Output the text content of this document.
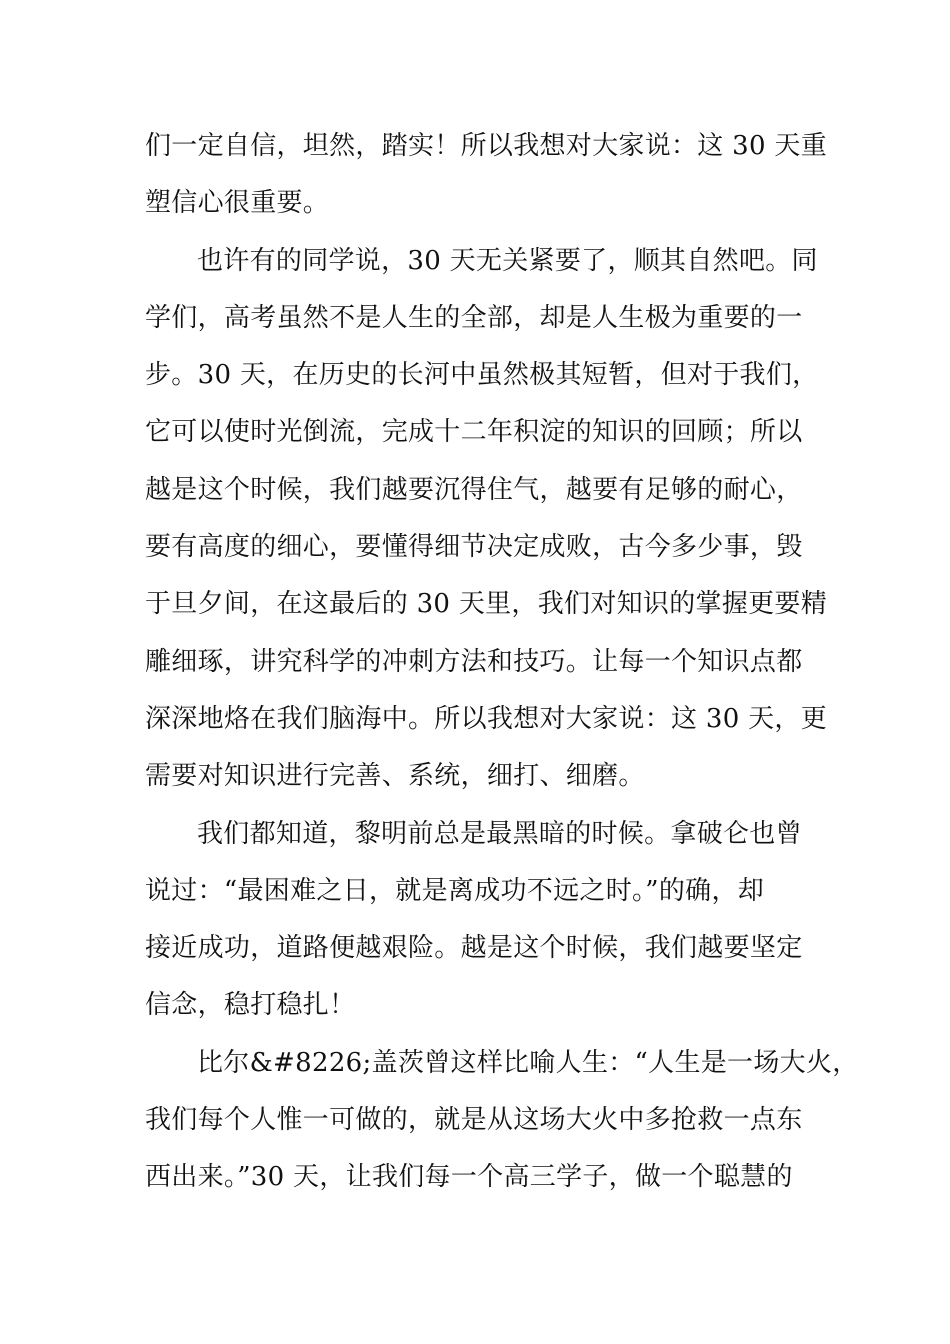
们一定自信，坦然，踏实！所以我想对大家说：这 30 天重
塑信心很重要。
也许有的同学说，30 天无关紧要了，顺其自然吧。同
学们，高考虽然不是人生的全部，却是人生极为重要的一
步。30 天，在历史的长河中虽然极其短暂，但对于我们，
它可以使时光倒流，完成十二年积淀的知识的回顾；所以
越是这个时候，我们越要沉得住气，越要有足够的耐心，
要有高度的细心，要懂得细节决定成败，古今多少事，毁
于旦夕间，在这最后的 30 天里，我们对知识的掌握更要精
雕细琢，讲究科学的冲刺方法和技巧。让每一个知识点都
深深地烙在我们脑海中。所以我想对大家说：这 30 天，更
需要对知识进行完善、系统，细打、细磨。
我们都知道，黎明前总是最黑暗的时候。拿破仑也曾
说过：“最困难之日，就是离成功不远之时。”的确，却
接近成功，道路便越艰险。越是这个时候，我们越要坚定
信念，稳打稳扎！
比尔&#8226;盖茨曾这样比喻人生：“人生是一场大火，
我们每个人惟一可做的，就是从这场大火中多抢救一点东
西出来。”30 天，让我们每一个高三学子，做一个聪慧的
